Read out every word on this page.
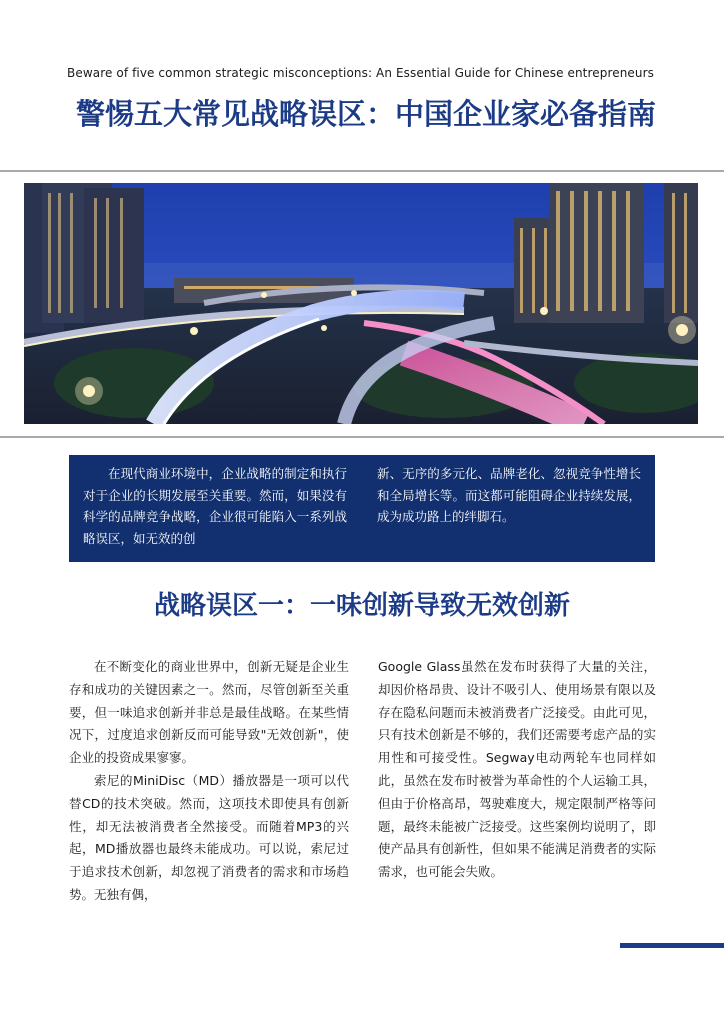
Beware of five common strategic misconceptions: An Essential Guide for Chinese entrepreneurs
警惕五大常见战略误区：中国企业家必备指南

在现代商业环境中，企业战略的制定和执行对于企业的长期发展至关重要。然而，如果没有科学的品牌竞争战略，企业很可能陷入一系列战略误区，如无效的创

新、无序的多元化、品牌老化、忽视竞争性增长和全局增长等。而这都可能阻碍企业持续发展，成为成功路上的绊脚石。

战略误区一：一味创新导致无效创新

在不断变化的商业世界中，创新无疑是企业生存和成功的关键因素之一。然而，尽管创新至关重要，但一味追求创新并非总是最佳战略。在某些情况下，过度追求创新反而可能导致"无效创新"，使企业的投资成果寥寥。

索尼的MiniDisc（MD）播放器是一项可以代替CD的技术突破。然而，这项技术即使具有创新性，却无法被消费者全然接受。而随着MP3的兴起，MD播放器也最终未能成功。可以说，索尼过于追求技术创新，却忽视了消费者的需求和市场趋势。无独有偶，

Google Glass虽然在发布时获得了大量的关注，却因价格昂贵、设计不吸引人、使用场景有限以及存在隐私问题而未被消费者广泛接受。由此可见，只有技术创新是不够的，我们还需要考虑产品的实用性和可接受性。Segway电动两轮车也同样如此，虽然在发布时被誉为革命性的个人运输工具，但由于价格高昂，驾驶难度大，规定限制严格等问题，最终未能被广泛接受。这些案例均说明了，即使产品具有创新性，但如果不能满足消费者的实际需求，也可能会失败。
